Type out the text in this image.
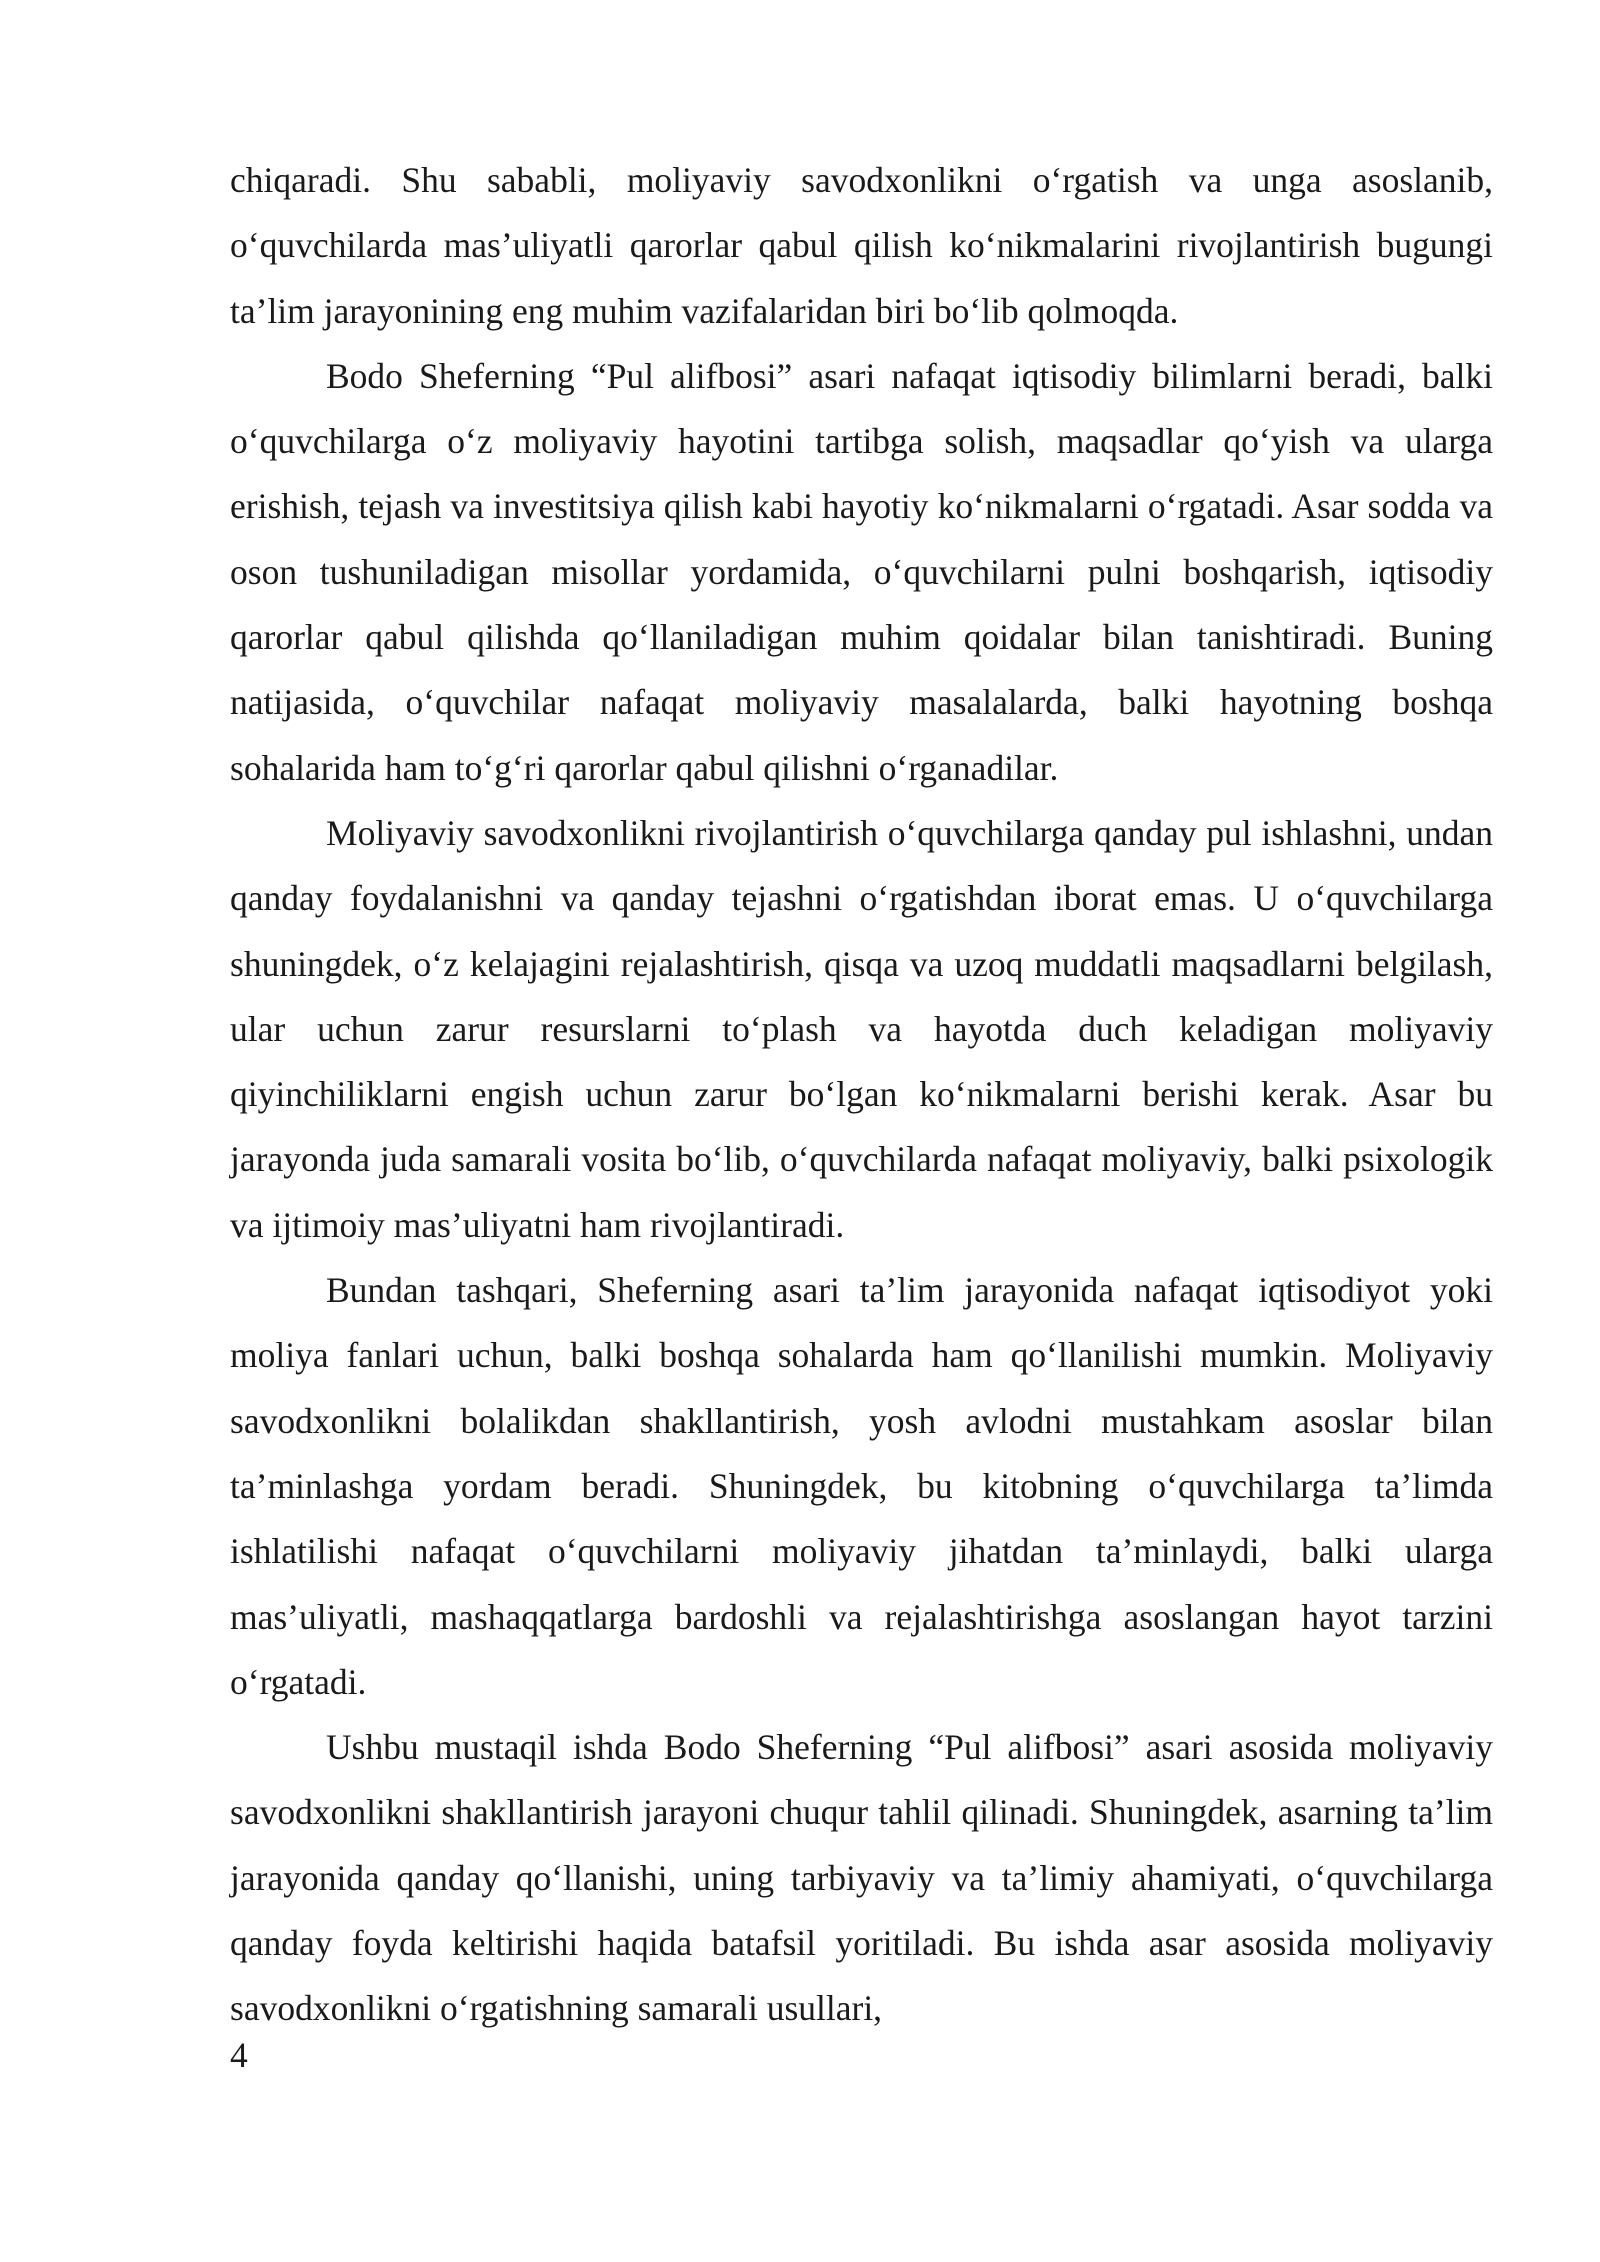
chiqaradi. Shu sababli, moliyaviy savodxonlikni o‘rgatish va unga asoslanib, o‘quvchilarda mas’uliyatli qarorlar qabul qilish ko‘nikmalarini rivojlantirish bugungi ta’lim jarayonining eng muhim vazifalaridan biri bo‘lib qolmoqda.

Bodo Sheferning “Pul alifbosi” asari nafaqat iqtisodiy bilimlarni beradi, balki o‘quvchilarga o‘z moliyaviy hayotini tartibga solish, maqsadlar qo‘yish va ularga erishish, tejash va investitsiya qilish kabi hayotiy ko‘nikmalarni o‘rgatadi. Asar sodda va oson tushuniladigan misollar yordamida, o‘quvchilarni pulni boshqarish, iqtisodiy qarorlar qabul qilishda qo‘llaniladigan muhim qoidalar bilan tanishtiradi. Buning natijasida, o‘quvchilar nafaqat moliyaviy masalalarda, balki hayotning boshqa sohalarida ham to‘g‘ri qarorlar qabul qilishni o‘rganadilar.

Moliyaviy savodxonlikni rivojlantirish o‘quvchilarga qanday pul ishlashni, undan qanday foydalanishni va qanday tejashni o‘rgatishdan iborat emas. U o‘quvchilarga shuningdek, o‘z kelajagini rejalashtirish, qisqa va uzoq muddatli maqsadlarni belgilash, ular uchun zarur resurslarni to‘plash va hayotda duch keladigan moliyaviy qiyinchiliklarni engish uchun zarur bo‘lgan ko‘nikmalarni berishi kerak. Asar bu jarayonda juda samarali vosita bo‘lib, o‘quvchilarda nafaqat moliyaviy, balki psixologik va ijtimoiy mas’uliyatni ham rivojlantiradi.

Bundan tashqari, Sheferning asari ta’lim jarayonida nafaqat iqtisodiyot yoki moliya fanlari uchun, balki boshqa sohalarda ham qo‘llanilishi mumkin. Moliyaviy savodxonlikni bolalikdan shakllantirish, yosh avlodni mustahkam asoslar bilan ta’minlashga yordam beradi. Shuningdek, bu kitobning o‘quvchilarga ta’limda ishlatilishi nafaqat o‘quvchilarni moliyaviy jihatdan ta’minlaydi, balki ularga mas’uliyatli, mashaqqatlarga bardoshli va rejalashtirishga asoslangan hayot tarzini o‘rgatadi.

Ushbu mustaqil ishda Bodo Sheferning “Pul alifbosi” asari asosida moliyaviy savodxonlikni shakllantirish jarayoni chuqur tahlil qilinadi. Shuningdek, asarning ta’lim jarayonida qanday qo‘llanishi, uning tarbiyaviy va ta’limiy ahamiyati, o‘quvchilarga qanday foyda keltirishi haqida batafsil yoritiladi. Bu ishda asar asosida moliyaviy savodxonlikni o‘rgatishning samarali usullari,

4
